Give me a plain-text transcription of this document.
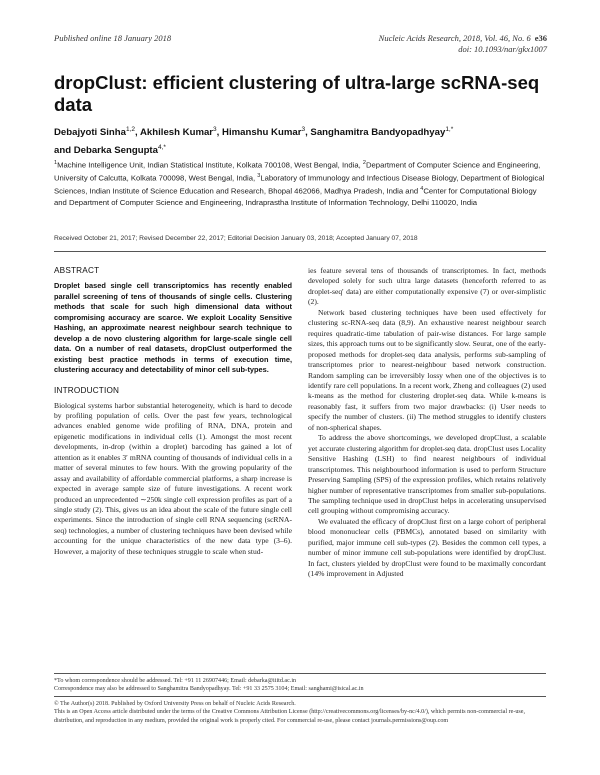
Published online 18 January 2018	Nucleic Acids Research, 2018, Vol. 46, No. 6 e36
doi: 10.1093/nar/gkx1007
dropClust: efficient clustering of ultra-large scRNA-seq data
Debajyoti Sinha$^{1,2}$, Akhilesh Kumar$^3$, Himanshu Kumar$^3$, Sanghamitra Bandyopadhyay$^{1,*}$
and Debarka Sengupta$^{4,*}$
$^1$Machine Intelligence Unit, Indian Statistical Institute, Kolkata 700108, West Bengal, India, $^2$Department of Computer Science and Engineering, University of Calcutta, Kolkata 700098, West Bengal, India, $^3$Laboratory of Immunology and Infectious Disease Biology, Department of Biological Sciences, Indian Institute of Science Education and Research, Bhopal 462066, Madhya Pradesh, India and $^4$Center for Computational Biology and Department of Computer Science and Engineering, Indraprastha Institute of Information Technology, Delhi 110020, India
Received October 21, 2017; Revised December 22, 2017; Editorial Decision January 03, 2018; Accepted January 07, 2018
ABSTRACT

Droplet based single cell transcriptomics has recently enabled parallel screening of tens of thousands of single cells. Clustering methods that scale for such high dimensional data without compromising accuracy are scarce. We exploit Locality Sensitive Hashing, an approximate nearest neighbour search technique to develop a de novo clustering algorithm for large-scale single cell data. On a number of real datasets, dropClust outperformed the existing best practice methods in terms of execution time, clustering accuracy and detectability of minor cell sub-types.

INTRODUCTION

Biological systems harbor substantial heterogeneity, which is hard to decode by profiling population of cells. Over the past few years, technological advances enabled genome wide profiling of RNA, DNA, protein and epigenetic modifications in individual cells (1). Amongst the most recent developments, in-drop (within a droplet) barcoding has gained a lot of attention as it enables 3′ mRNA counting of thousands of individual cells in a matter of several minutes to few hours. With the growing popularity of the assay and availability of affordable commercial platforms, a sharp increase is expected in average sample size of future investigations. A recent work produced an unprecedented ∼250k single cell expression profiles as part of a single study (2). This, gives us an idea about the scale of the future single cell experiments. Since the introduction of single cell RNA sequencing (scRNA-seq) technologies, a number of clustering techniques have been devised while accounting for the unique characteristics of the new data type (3–6). However, a majority of these techniques struggle to scale when stud-

ies feature several tens of thousands of transcriptomes. In fact, methods developed solely for such ultra large datasets (henceforth referred to as droplet-seq' data) are either computationally expensive (7) or over-simplistic (2).

Network based clustering techniques have been used effectively for clustering sc-RNA-seq data (8,9). An exhaustive nearest neighbour search requires quadratic-time tabulation of pair-wise distances. For large sample sizes, this approach turns out to be significantly slow. Seurat, one of the early-proposed methods for droplet-seq data analysis, performs sub-sampling of transcriptomes prior to nearest-neighbour based network construction. Random sampling can be irreversibly lossy when one of the objectives is to identify rare cell populations. In a recent work, Zheng and colleagues (2) used k-means as the method for clustering droplet-seq data. While k-means is reasonably fast, it suffers from two major drawbacks: (i) User needs to specify the number of clusters. (ii) The method struggles to identify clusters of non-spherical shapes.

To address the above shortcomings, we developed dropClust, a scalable yet accurate clustering algorithm for droplet-seq data. dropClust uses Locality Sensitive Hashing (LSH) to find nearest neighbours of individual transcriptomes. This neighbourhood information is used to perform Structure Preserving Sampling (SPS) of the expression profiles, which retains relatively higher number of representative transcriptomes from smaller sub-populations. The sampling technique used in dropClust helps in accelerating unsupervised cell grouping without compromising accuracy.

We evaluated the efficacy of dropClust first on a large cohort of peripheral blood mononuclear cells (PBMCs), annotated based on similarity with purified, major immune cell sub-types (2). Besides the common cell types, a number of minor immune cell sub-populations were identified by dropClust. In fact, clusters yielded by dropClust were found to be maximally concordant (14% improvement in Adjusted

*To whom correspondence should be addressed. Tel: +91 11 26907446; Email: debarka@iiitd.ac.in
Correspondence may also be addressed to Sanghamitra Bandyopadhyay. Tel: +91 33 2575 3104; Email: sanghami@isical.ac.in
© The Author(s) 2018. Published by Oxford University Press on behalf of Nucleic Acids Research.
This is an Open Access article distributed under the terms of the Creative Commons Attribution License (http://creativecommons.org/licenses/by-nc/4.0/), which permits non-commercial re-use, distribution, and reproduction in any medium, provided the original work is properly cited. For commercial re-use, please contact journals.permissions@oup.com
